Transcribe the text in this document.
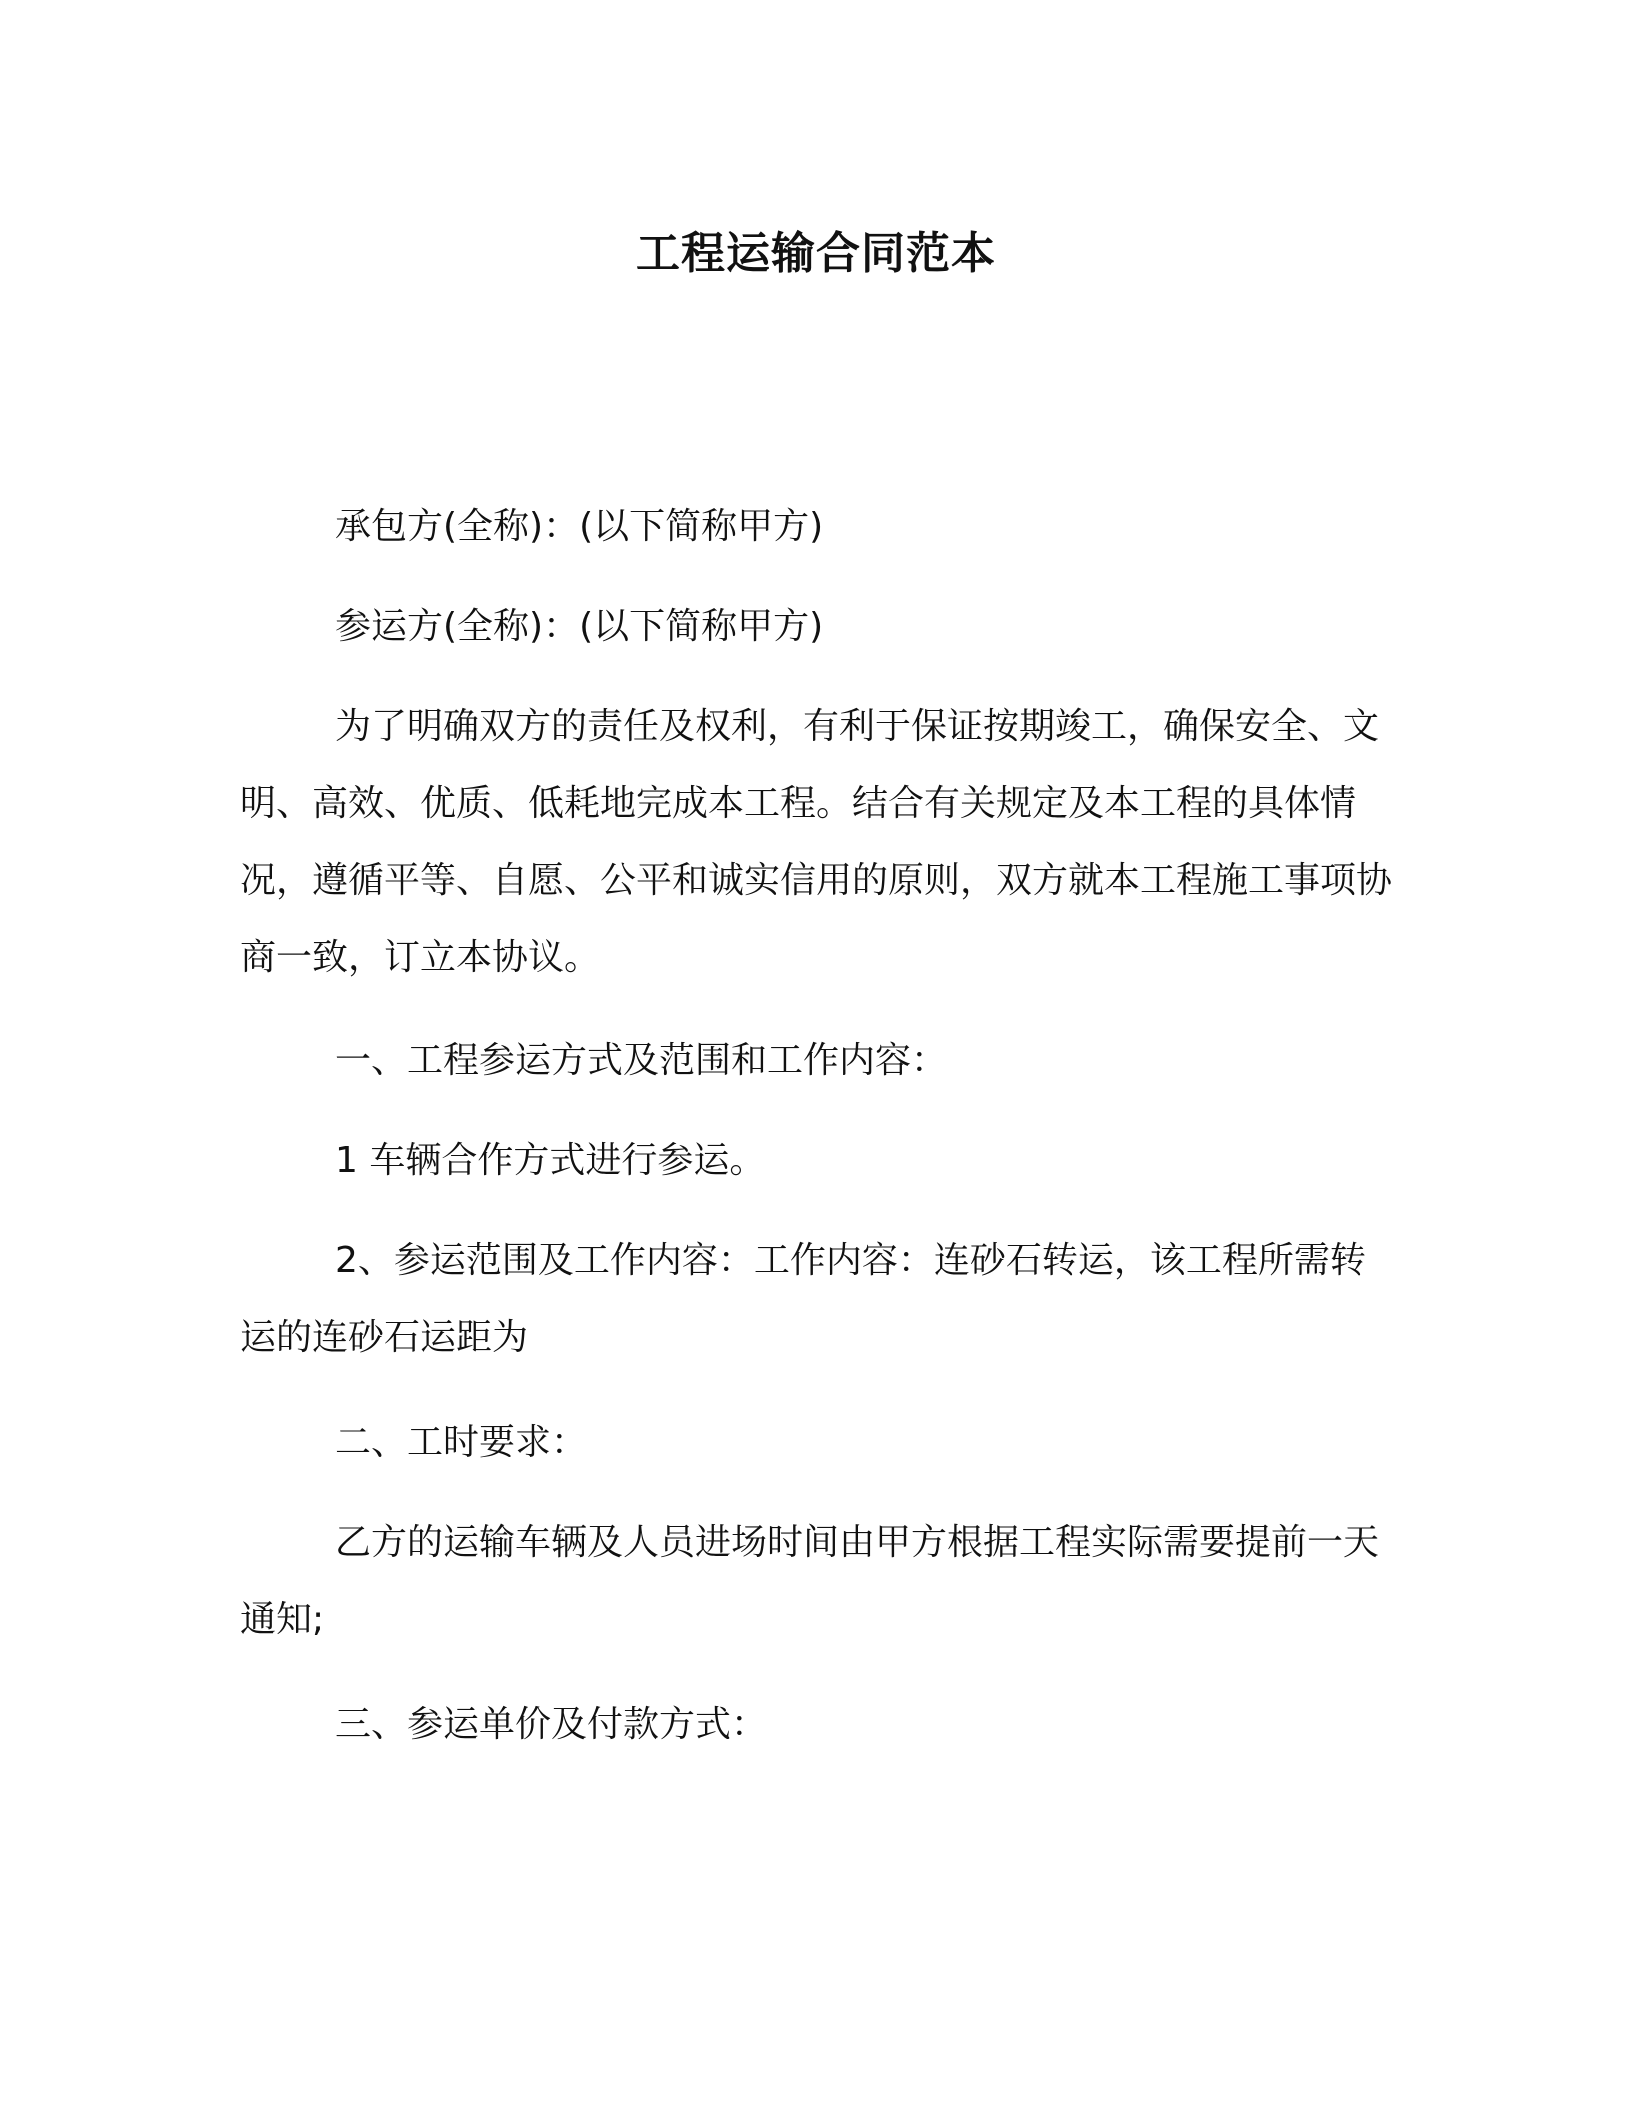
工程运输合同范本

承包方(全称)：(以下简称甲方)

参运方(全称)：(以下简称甲方)

为了明确双方的责任及权利，有利于保证按期竣工，确保安全、文明、高效、优质、低耗地完成本工程。结合有关规定及本工程的具体情况，遵循平等、自愿、公平和诚实信用的原则，双方就本工程施工事项协商一致，订立本协议。

一、工程参运方式及范围和工作内容：

1 车辆合作方式进行参运。

2、参运范围及工作内容：工作内容：连砂石转运，该工程所需转运的连砂石运距为

二、工时要求：

乙方的运输车辆及人员进场时间由甲方根据工程实际需要提前一天通知;

三、参运单价及付款方式：
